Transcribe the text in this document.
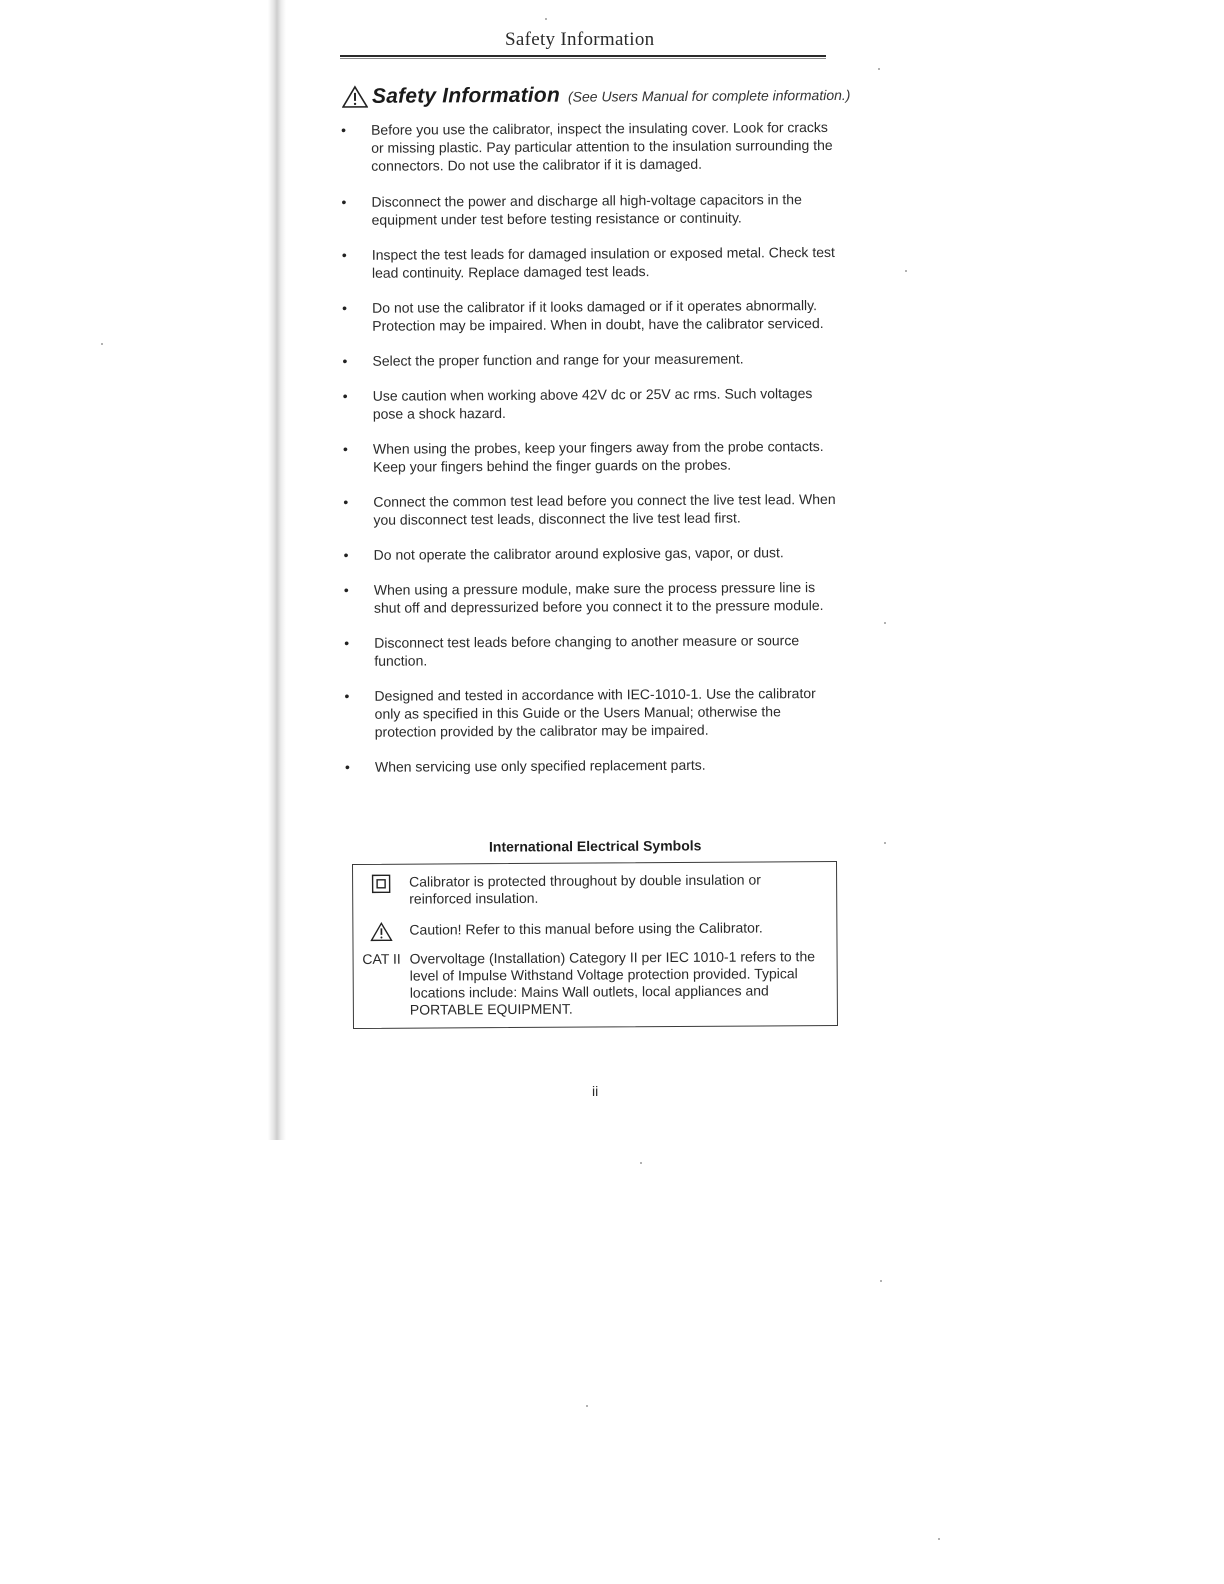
Safety Information
Safety Information (See Users Manual for complete information.)
• Before you use the calibrator, inspect the insulating cover. Look for cracks or missing plastic. Pay particular attention to the insulation surrounding the connectors. Do not use the calibrator if it is damaged.
• Disconnect the power and discharge all high-voltage capacitors in the equipment under test before testing resistance or continuity.
• Inspect the test leads for damaged insulation or exposed metal. Check test lead continuity. Replace damaged test leads.
• Do not use the calibrator if it looks damaged or if it operates abnormally. Protection may be impaired. When in doubt, have the calibrator serviced.
• Select the proper function and range for your measurement.
• Use caution when working above 42V dc or 25V ac rms. Such voltages pose a shock hazard.
• When using the probes, keep your fingers away from the probe contacts. Keep your fingers behind the finger guards on the probes.
• Connect the common test lead before you connect the live test lead. When you disconnect test leads, disconnect the live test lead first.
• Do not operate the calibrator around explosive gas, vapor, or dust.
• When using a pressure module, make sure the process pressure line is shut off and depressurized before you connect it to the pressure module.
• Disconnect test leads before changing to another measure or source function.
• Designed and tested in accordance with IEC-1010-1. Use the calibrator only as specified in this Guide or the Users Manual; otherwise the protection provided by the calibrator may be impaired.
• When servicing use only specified replacement parts.
International Electrical Symbols
Calibrator is protected throughout by double insulation or reinforced insulation.
Caution! Refer to this manual before using the Calibrator.
CAT II Overvoltage (Installation) Category II per IEC 1010-1 refers to the level of Impulse Withstand Voltage protection provided. Typical locations include: Mains Wall outlets, local appliances and PORTABLE EQUIPMENT.
ii
